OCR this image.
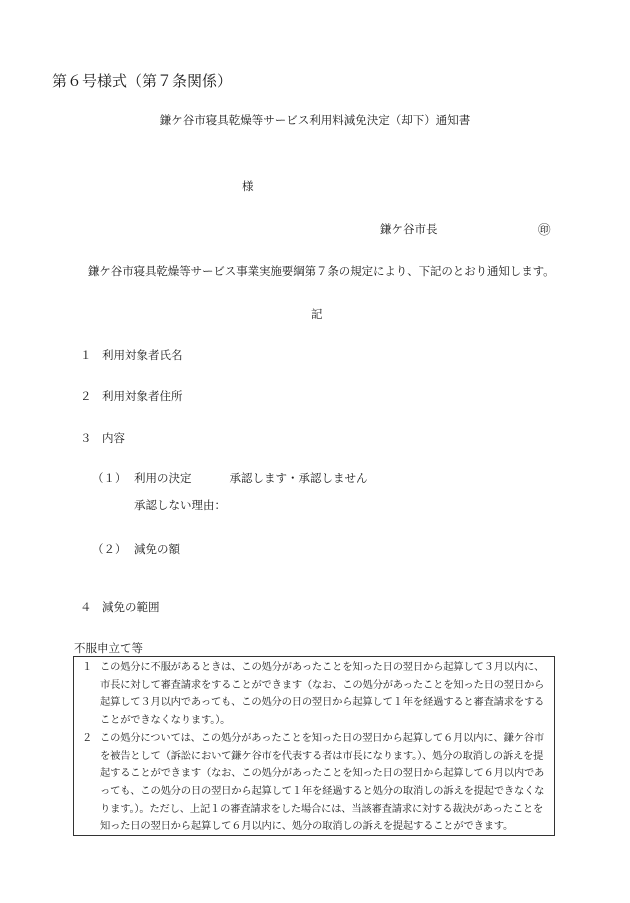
第６号様式（第７条関係）
鎌ケ谷市寝具乾燥等サービス利用料減免決定（却下）通知書
様
鎌ケ谷市長	㊞
鎌ケ谷市寝具乾燥等サービス事業実施要綱第７条の規定により、下記のとおり通知します。
記
１ 利用対象者氏名
２ 利用対象者住所
３ 内容
（１） 利用の決定	承認します・承認しません
承認しない理由：
（２） 減免の額
４ 減免の範囲
不服申立て等
１ この処分に不服があるときは、この処分があったことを知った日の翌日から起算して３月以内に、市長に対して審査請求をすることができます（なお、この処分があったことを知った日の翌日から起算して３月以内であっても、この処分の日の翌日から起算して１年を経過すると審査請求をすることができなくなります。）。
２ この処分については、この処分があったことを知った日の翌日から起算して６月以内に、鎌ケ谷市を被告として（訴訟において鎌ケ谷市を代表する者は市長になります。）、処分の取消しの訴えを提起することができます（なお、この処分があったことを知った日の翌日から起算して６月以内であっても、この処分の日の翌日から起算して１年を経過すると処分の取消しの訴えを提起できなくなります。）。ただし、上記１の審査請求をした場合には、当該審査請求に対する裁決があったことを知った日の翌日から起算して６月以内に、処分の取消しの訴えを提起することができます。
